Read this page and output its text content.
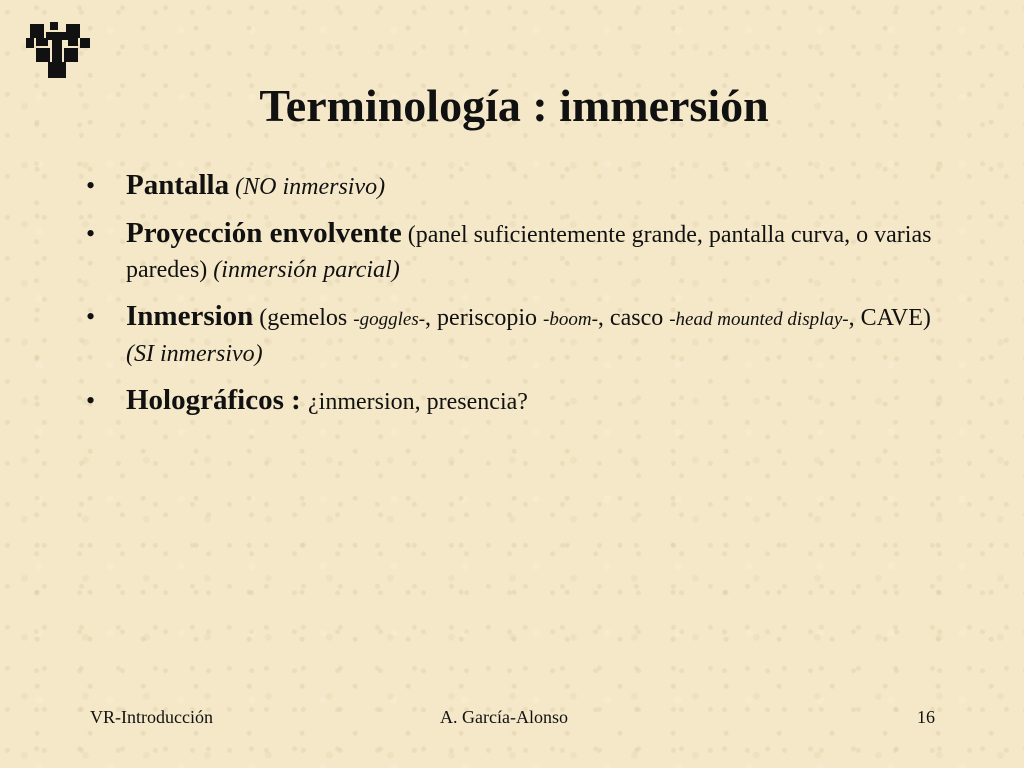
Terminología : immersión
• Pantalla (NO inmersivo)
• Proyección envolvente (panel suficientemente grande, pantalla curva, o varias paredes) (inmersión parcial)
• Inmersion (gemelos -goggles-, periscopio -boom-, casco -head mounted display-, CAVE) (SI inmersivo)
• Holográficos : ¿inmersion, presencia?
VR-Introducción	A. García-Alonso	16
